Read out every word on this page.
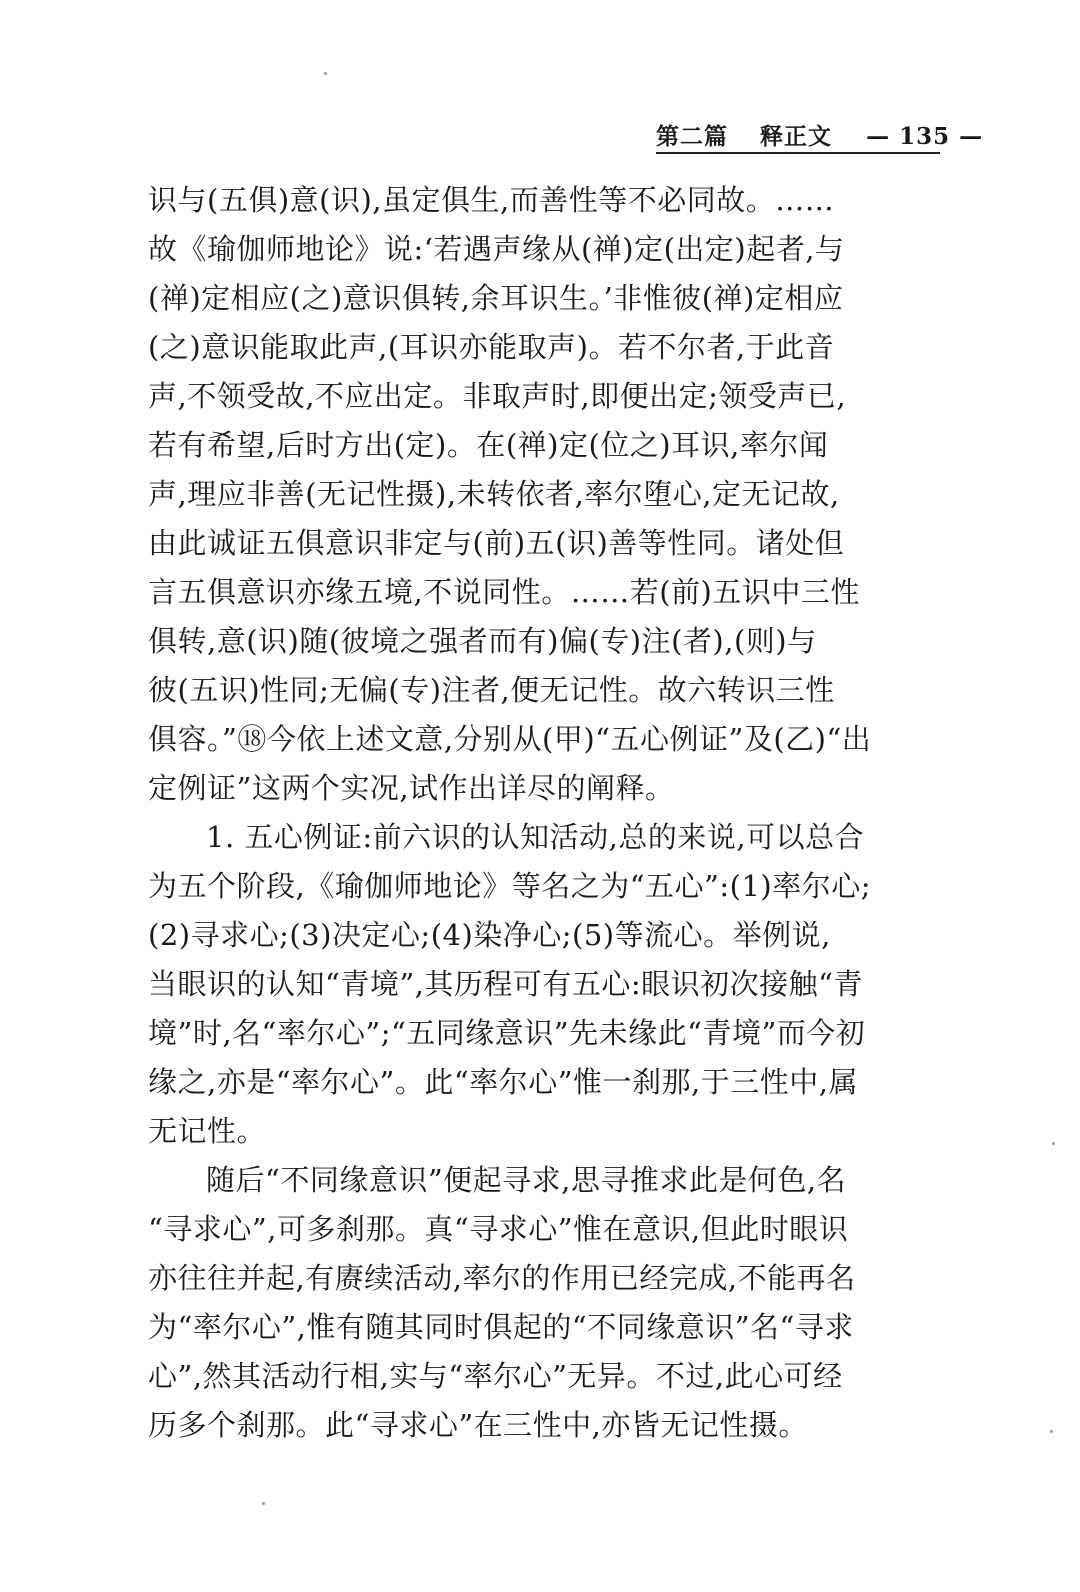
第二篇 释正文 — 135 —
识与(五俱)意(识),虽定俱生,而善性等不必同故。……
故《瑜伽师地论》说:‘若遇声缘从(禅)定(出定)起者,与
(禅)定相应(之)意识俱转,余耳识生。’非惟彼(禅)定相应
(之)意识能取此声,(耳识亦能取声)。若不尔者,于此音
声,不领受故,不应出定。非取声时,即便出定;领受声已,
若有希望,后时方出(定)。在(禅)定(位之)耳识,率尔闻
声,理应非善(无记性摄),未转依者,率尔堕心,定无记故,
由此诚证五俱意识非定与(前)五(识)善等性同。诸处但
言五俱意识亦缘五境,不说同性。……若(前)五识中三性
俱转,意(识)随(彼境之强者而有)偏(专)注(者),(则)与
彼(五识)性同;无偏(专)注者,便无记性。故六转识三性
俱容。”⑱今依上述文意,分别从(甲)“五心例证”及(乙)“出
定例证”这两个实况,试作出详尽的阐释。
1. 五心例证:前六识的认知活动,总的来说,可以总合
为五个阶段,《瑜伽师地论》等名之为“五心”:(1)率尔心;
(2)寻求心;(3)决定心;(4)染净心;(5)等流心。举例说,
当眼识的认知“青境”,其历程可有五心:眼识初次接触“青
境”时,名“率尔心”;“五同缘意识”先未缘此“青境”而今初
缘之,亦是“率尔心”。此“率尔心”惟一刹那,于三性中,属
无记性。
随后“不同缘意识”便起寻求,思寻推求此是何色,名
“寻求心”,可多刹那。真“寻求心”惟在意识,但此时眼识
亦往往并起,有赓续活动,率尔的作用已经完成,不能再名
为“率尔心”,惟有随其同时俱起的“不同缘意识”名“寻求
心”,然其活动行相,实与“率尔心”无异。不过,此心可经
历多个刹那。此“寻求心”在三性中,亦皆无记性摄。
